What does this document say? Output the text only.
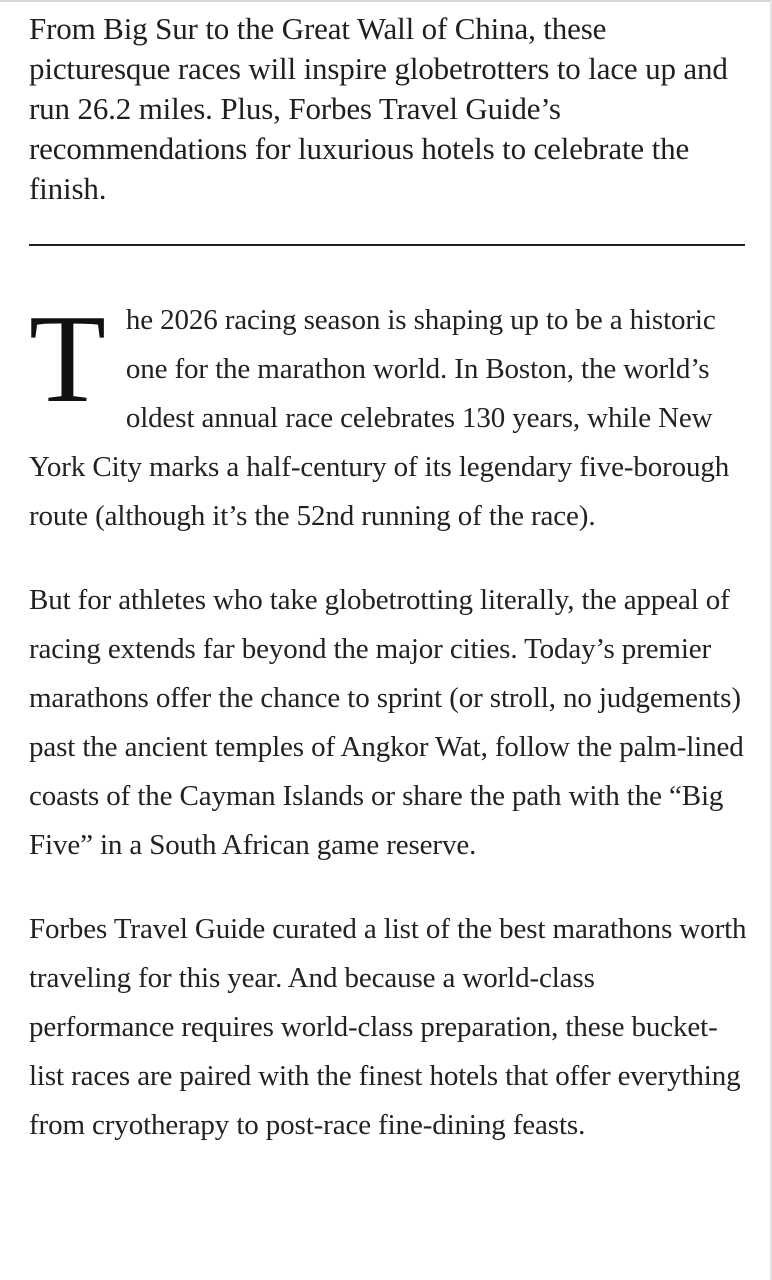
From Big Sur to the Great Wall of China, these picturesque races will inspire globetrotters to lace up and run 26.2 miles. Plus, Forbes Travel Guide’s recommendations for luxurious hotels to celebrate the finish.

T he 2026 racing season is shaping up to be a historic one for the marathon world. In Boston, the world’s oldest annual race celebrates 130 years, while New York City marks a half-century of its legendary five-borough route (although it’s the 52nd running of the race).

But for athletes who take globetrotting literally, the appeal of racing extends far beyond the major cities. Today’s premier marathons offer the chance to sprint (or stroll, no judgements) past the ancient temples of Angkor Wat, follow the palm-lined coasts of the Cayman Islands or share the path with the “Big Five” in a South African game reserve.

Forbes Travel Guide curated a list of the best marathons worth traveling for this year. And because a world-class performance requires world-class preparation, these bucket-list races are paired with the finest hotels that offer everything from cryotherapy to post-race fine-dining feasts.
